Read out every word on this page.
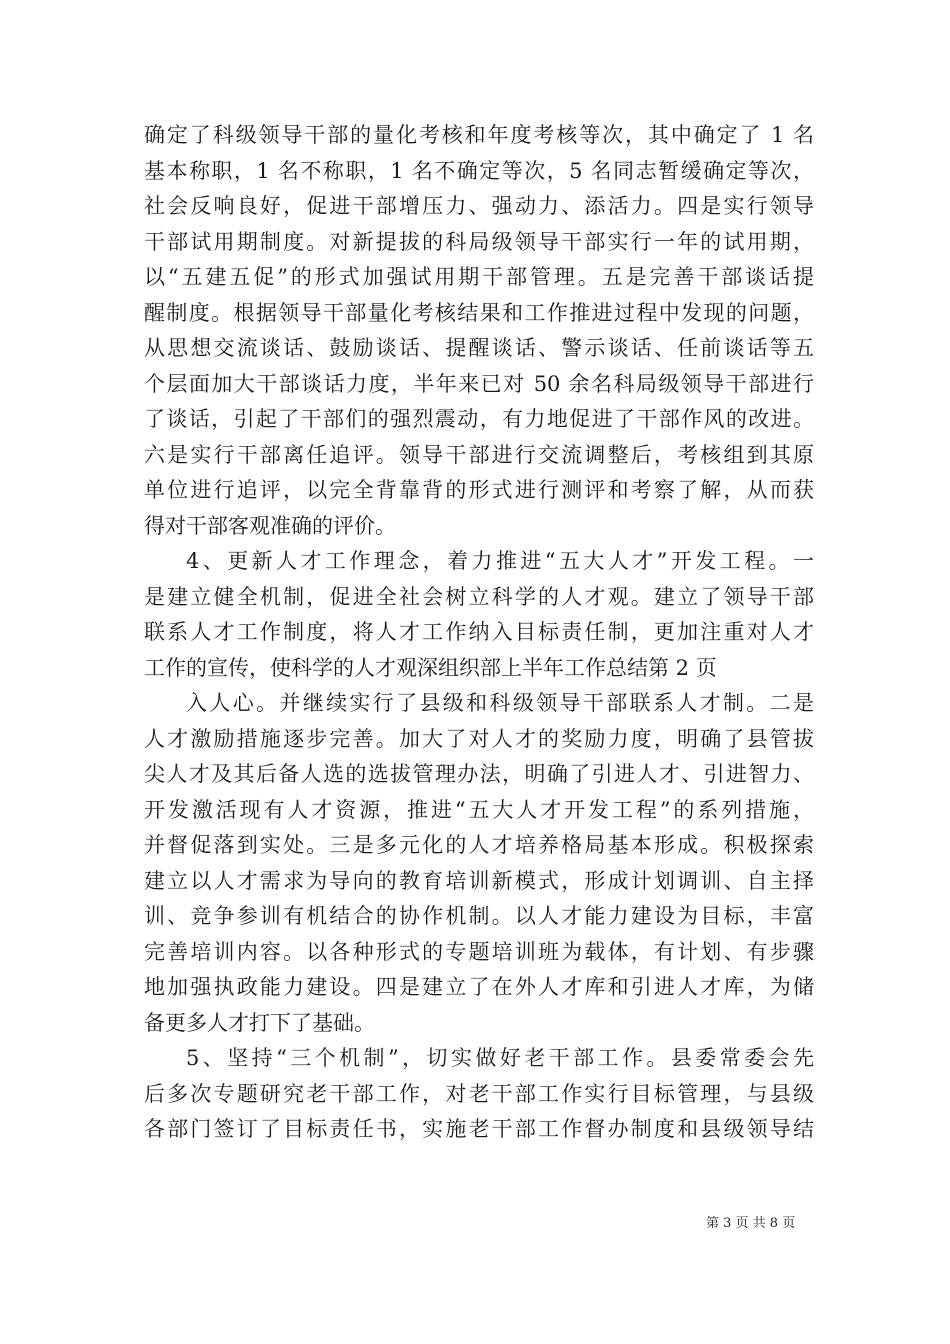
确定了科级领导干部的量化考核和年度考核等次，其中确定了 1 名
基本称职，1 名不称职，1 名不确定等次，5 名同志暂缓确定等次，
社会反响良好，促进干部增压力、强动力、添活力。四是实行领导
干部试用期制度。对新提拔的科局级领导干部实行一年的试用期，
以“五建五促”的形式加强试用期干部管理。五是完善干部谈话提
醒制度。根据领导干部量化考核结果和工作推进过程中发现的问题，
从思想交流谈话、鼓励谈话、提醒谈话、警示谈话、任前谈话等五
个层面加大干部谈话力度，半年来已对 50 余名科局级领导干部进行
了谈话，引起了干部们的强烈震动，有力地促进了干部作风的改进。
六是实行干部离任追评。领导干部进行交流调整后，考核组到其原
单位进行追评，以完全背靠背的形式进行测评和考察了解，从而获
得对干部客观准确的评价。
4、更新人才工作理念，着力推进“五大人才”开发工程。一
是建立健全机制，促进全社会树立科学的人才观。建立了领导干部
联系人才工作制度，将人才工作纳入目标责任制，更加注重对人才
工作的宣传，使科学的人才观深组织部上半年工作总结第 2 页
入人心。并继续实行了县级和科级领导干部联系人才制。二是
人才激励措施逐步完善。加大了对人才的奖励力度，明确了县管拔
尖人才及其后备人选的选拔管理办法，明确了引进人才、引进智力、
开发激活现有人才资源，推进“五大人才开发工程”的系列措施，
并督促落到实处。三是多元化的人才培养格局基本形成。积极探索
建立以人才需求为导向的教育培训新模式，形成计划调训、自主择
训、竞争参训有机结合的协作机制。以人才能力建设为目标，丰富
完善培训内容。以各种形式的专题培训班为载体，有计划、有步骤
地加强执政能力建设。四是建立了在外人才库和引进人才库，为储
备更多人才打下了基础。
5、坚持“三个机制”，切实做好老干部工作。县委常委会先
后多次专题研究老干部工作，对老干部工作实行目标管理，与县级
各部门签订了目标责任书，实施老干部工作督办制度和县级领导结
第 3 页 共 8 页
